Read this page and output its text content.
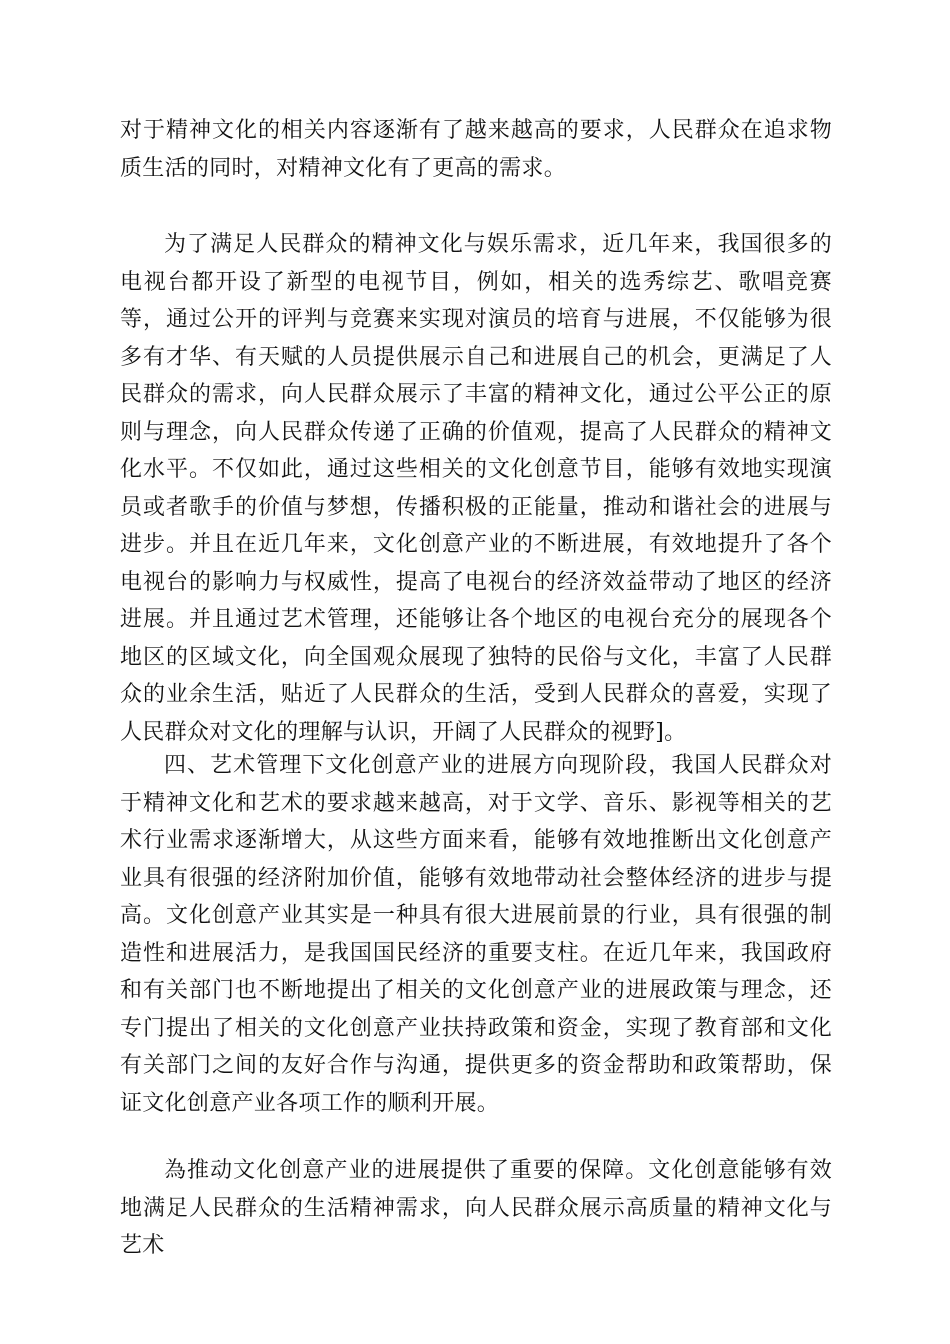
对于精神文化的相关内容逐渐有了越来越高的要求，人民群众在追求物质生活的同时，对精神文化有了更高的需求。

为了满足人民群众的精神文化与娱乐需求，近几年来，我国很多的电视台都开设了新型的电视节目，例如，相关的选秀综艺、歌唱竞赛等，通过公开的评判与竞赛来实现对演员的培育与进展，不仅能够为很多有才华、有天赋的人员提供展示自己和进展自己的机会，更满足了人民群众的需求，向人民群众展示了丰富的精神文化，通过公平公正的原则与理念，向人民群众传递了正确的价值观，提高了人民群众的精神文化水平。不仅如此，通过这些相关的文化创意节目，能够有效地实现演员或者歌手的价值与梦想，传播积极的正能量，推动和谐社会的进展与进步。并且在近几年来，文化创意产业的不断进展，有效地提升了各个电视台的影响力与权威性，提高了电视台的经济效益带动了地区的经济进展。并且通过艺术管理，还能够让各个地区的电视台充分的展现各个地区的区域文化，向全国观众展现了独特的民俗与文化，丰富了人民群众的业余生活，贴近了人民群众的生活，受到人民群众的喜爱，实现了人民群众对文化的理解与认识，开阔了人民群众的视野]。

四、艺术管理下文化创意产业的进展方向现阶段，我国人民群众对于精神文化和艺术的要求越来越高，对于文学、音乐、影视等相关的艺术行业需求逐渐增大，从这些方面来看，能够有效地推断出文化创意产业具有很强的经济附加价值，能够有效地带动社会整体经济的进步与提高。文化创意产业其实是一种具有很大进展前景的行业，具有很强的制造性和进展活力，是我国国民经济的重要支柱。在近几年来，我国政府和有关部门也不断地提出了相关的文化创意产业的进展政策与理念，还专门提出了相关的文化创意产业扶持政策和资金，实现了教育部和文化有关部门之间的友好合作与沟通，提供更多的资金帮助和政策帮助，保证文化创意产业各项工作的顺利开展。

為推动文化创意产业的进展提供了重要的保障。文化创意能够有效地满足人民群众的生活精神需求，向人民群众展示高质量的精神文化与艺术
